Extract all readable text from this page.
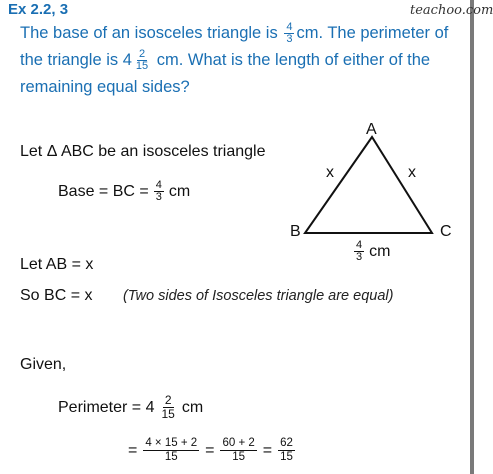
Ex 2.2, 3	teachoo.com
The base of an isosceles triangle is $\frac{4}{3}$ cm. The perimeter of the triangle is $4 \frac{2}{15}$ cm. What is the length of either of the remaining equal sides?
Let Δ ABC be an isosceles triangle
Base = BC = $\frac{4}{3}$ cm
Let AB = x
So BC = x (Two sides of Isosceles triangle are equal)
Given,
Perimeter = $4 \frac{2}{15}$ cm
= $\frac{4 \times 15 + 2}{15} = \frac{60 + 2}{15} = \frac{62}{15}$
A
B	C
x	x
$\frac{4}{3}$ cm
